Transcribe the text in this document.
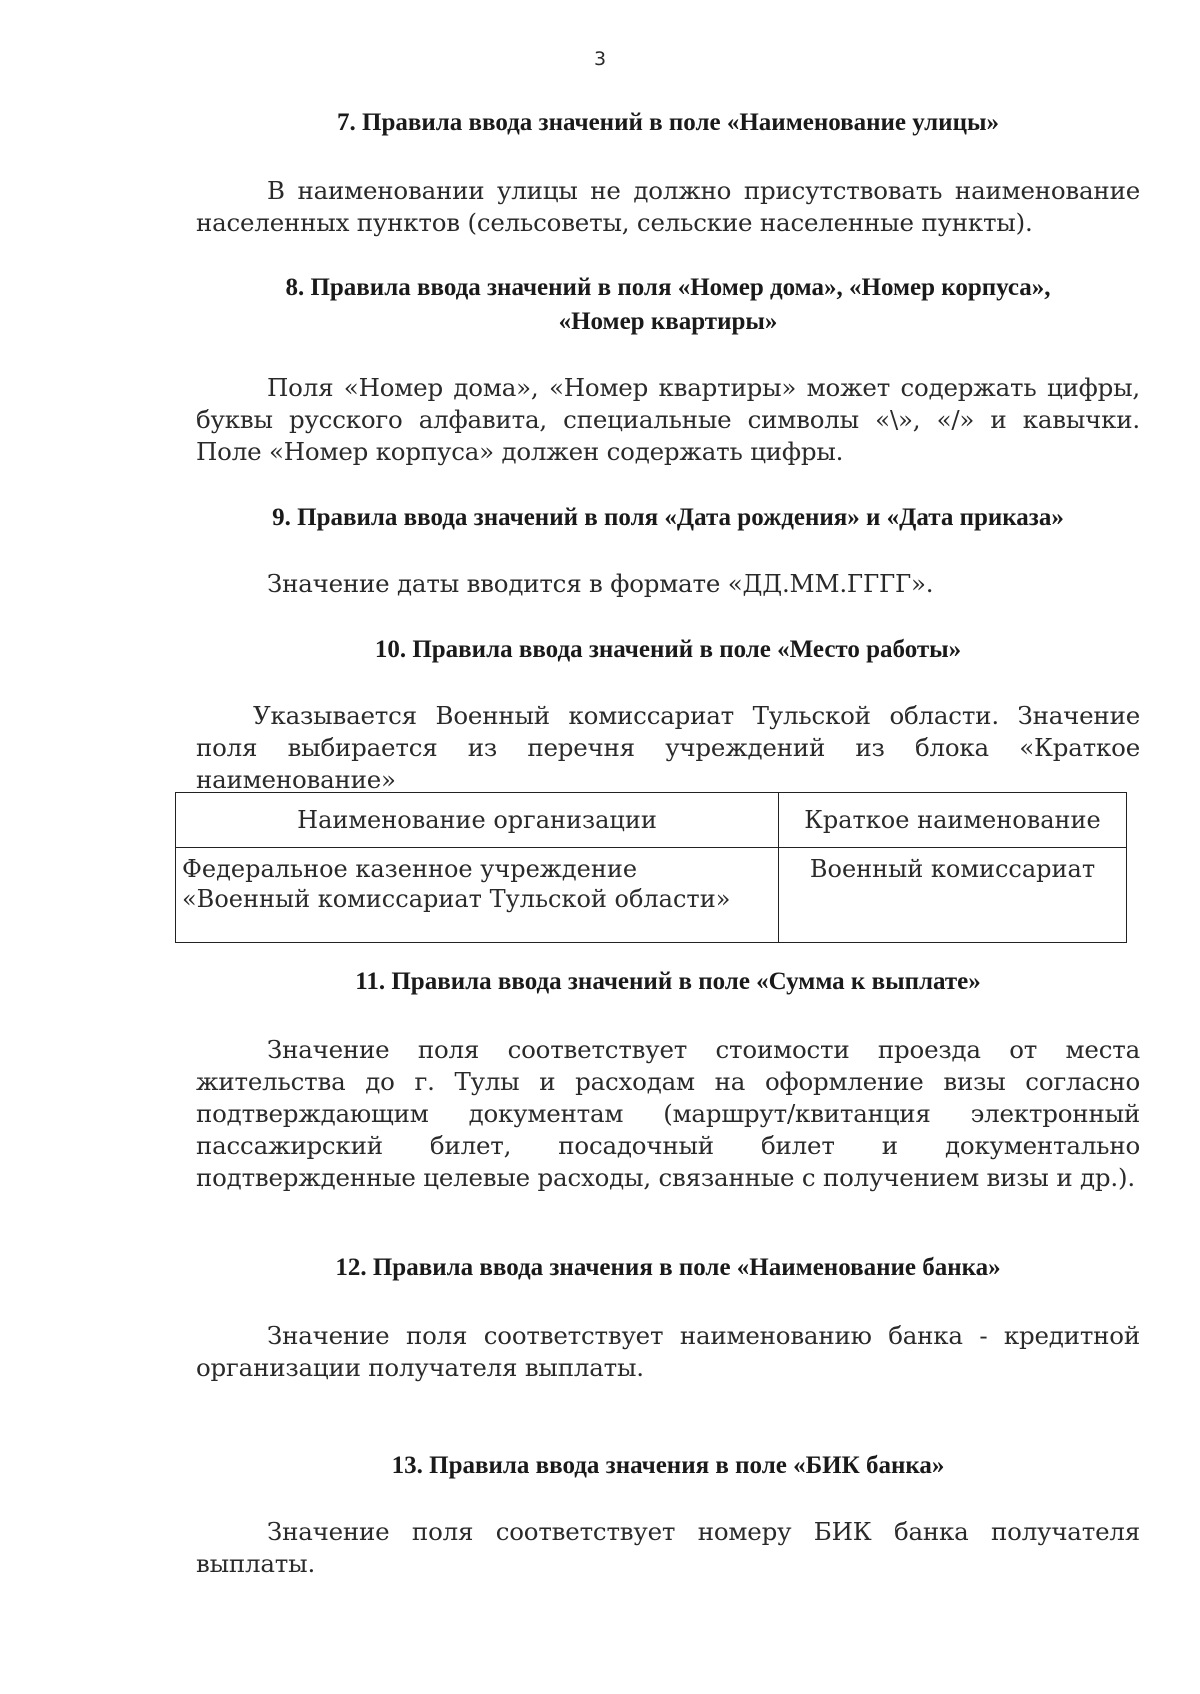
3
7. Правила ввода значений в поле «Наименование улицы»
В наименовании улицы не должно присутствовать наименование населенных пунктов (сельсоветы, сельские населенные пункты).
8. Правила ввода значений в поля «Номер дома», «Номер корпуса»,
«Номер квартиры»
Поля «Номер дома», «Номер квартиры» может содержать цифры, буквы русского алфавита, специальные символы «\», «/» и кавычки. Поле «Номер корпуса» должен содержать цифры.
9. Правила ввода значений в поля «Дата рождения» и «Дата приказа»
Значение даты вводится в формате «ДД.ММ.ГГГГ».
10. Правила ввода значений в поле «Место работы»
Указывается Военный комиссариат Тульской области. Значение поля выбирается из перечня учреждений из блока «Краткое наименование»
Наименование организации	Краткое наименование
Федеральное казенное учреждение «Военный комиссариат Тульской области»	Военный комиссариат
11. Правила ввода значений в поле «Сумма к выплате»
Значение поля соответствует стоимости проезда от места жительства до г. Тулы и расходам на оформление визы согласно подтверждающим документам (маршрут/квитанция электронный пассажирский билет, посадочный билет и документально подтвержденные целевые расходы, связанные с получением визы и др.).
12. Правила ввода значения в поле «Наименование банка»
Значение поля соответствует наименованию банка - кредитной организации получателя выплаты.
13. Правила ввода значения в поле «БИК банка»
Значение поля соответствует номеру БИК банка получателя выплаты.
